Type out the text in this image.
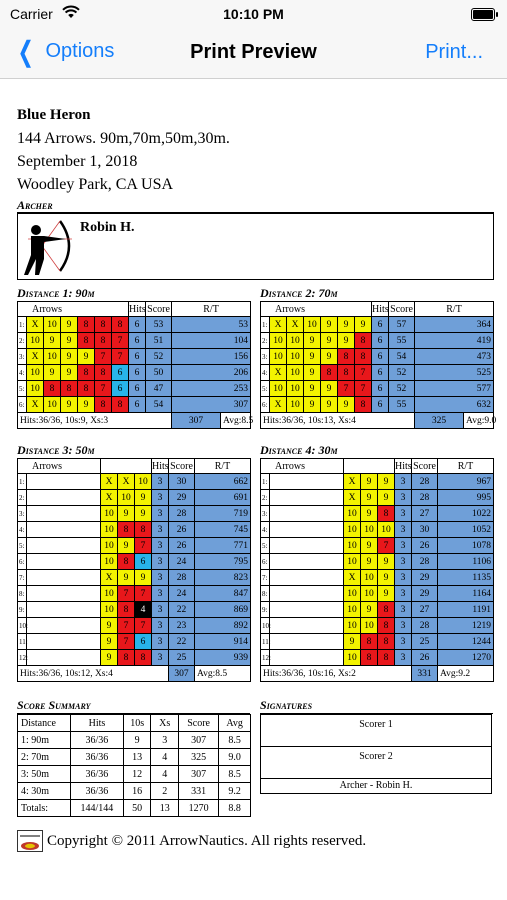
Carrier	10:10 PM
❮ Options	Print Preview	Print...
Blue Heron
144 Arrows. 90m,70m,50m,30m.
September 1, 2018
Woodley Park, CA USA
Archer
Robin H.
Distance 1: 90m	Distance 2: 70m
Distance 3: 50m	Distance 4: 30m
Arrows							Hits	Score	R/T	
1:	X	10	9	8	8	8	6	53	53	
2:	10	9	9	8	8	7	6	51	104	
3:	X	10	9	9	7	7	6	52	156	
4:	10	9	9	8	8	6	6	50	206	
5:	10	8	8	8	7	6	6	47	253	
6:	X	10	9	9	8	8	6	54	307	
Hits:36/36, 10s:9, Xs:3									307	Avg:8.5
Arrows							Hits	Score	R/T	
1:	X	X	10	9	9	9	6	57	364	
2:	10	10	9	9	9	8	6	55	419	
3:	10	10	9	9	8	8	6	54	473	
4:	X	10	9	8	8	7	6	52	525	
5:	10	10	9	9	7	7	6	52	577	
6:	X	10	9	9	9	8	6	55	632	
Hits:36/36, 10s:13, Xs:4									325	Avg:9.0
Arrows					Hits	Score	R/T
1:		X	X	10	3	30	662
2:		X	10	9	3	29	691
3:		10	9	9	3	28	719
4:		10	8	8	3	26	745
5:		10	9	7	3	26	771
6:		10	8	6	3	24	795
7:		X	9	9	3	28	823
8:		10	7	7	3	24	847
9:		10	8	4	3	22	869
10:		9	7	7	3	23	892
11:		9	7	6	3	22	914
12:		9	8	8	3	25	939
Hits:36/36, 10s:12, Xs:4						307	Avg:8.5
Arrows					Hits	Score	R/T
1:		X	9	9	3	28	967
2:		X	9	9	3	28	995
3:		10	9	8	3	27	1022
4:		10	10	10	3	30	1052
5:		10	9	7	3	26	1078
6:		10	9	9	3	28	1106
7:		X	10	9	3	29	1135
8:		10	10	9	3	29	1164
9:		10	9	8	3	27	1191
10:		10	10	8	3	28	1219
11:		9	8	8	3	25	1244
12:		10	8	8	3	26	1270
Hits:36/36, 10s:16, Xs:2						331	Avg:9.2
Score Summary	Signatures
Distance	Hits	10s	Xs	Score	Avg
1: 90m	36/36	9	3	307	8.5
2: 70m	36/36	13	4	325	9.0
3: 50m	36/36	12	4	307	8.5
4: 30m	36/36	16	2	331	9.2
Totals:	144/144	50	13	1270	8.8
Scorer 1
Scorer 2
Archer - Robin H.
Copyright © 2011 ArrowNautics. All rights reserved.
